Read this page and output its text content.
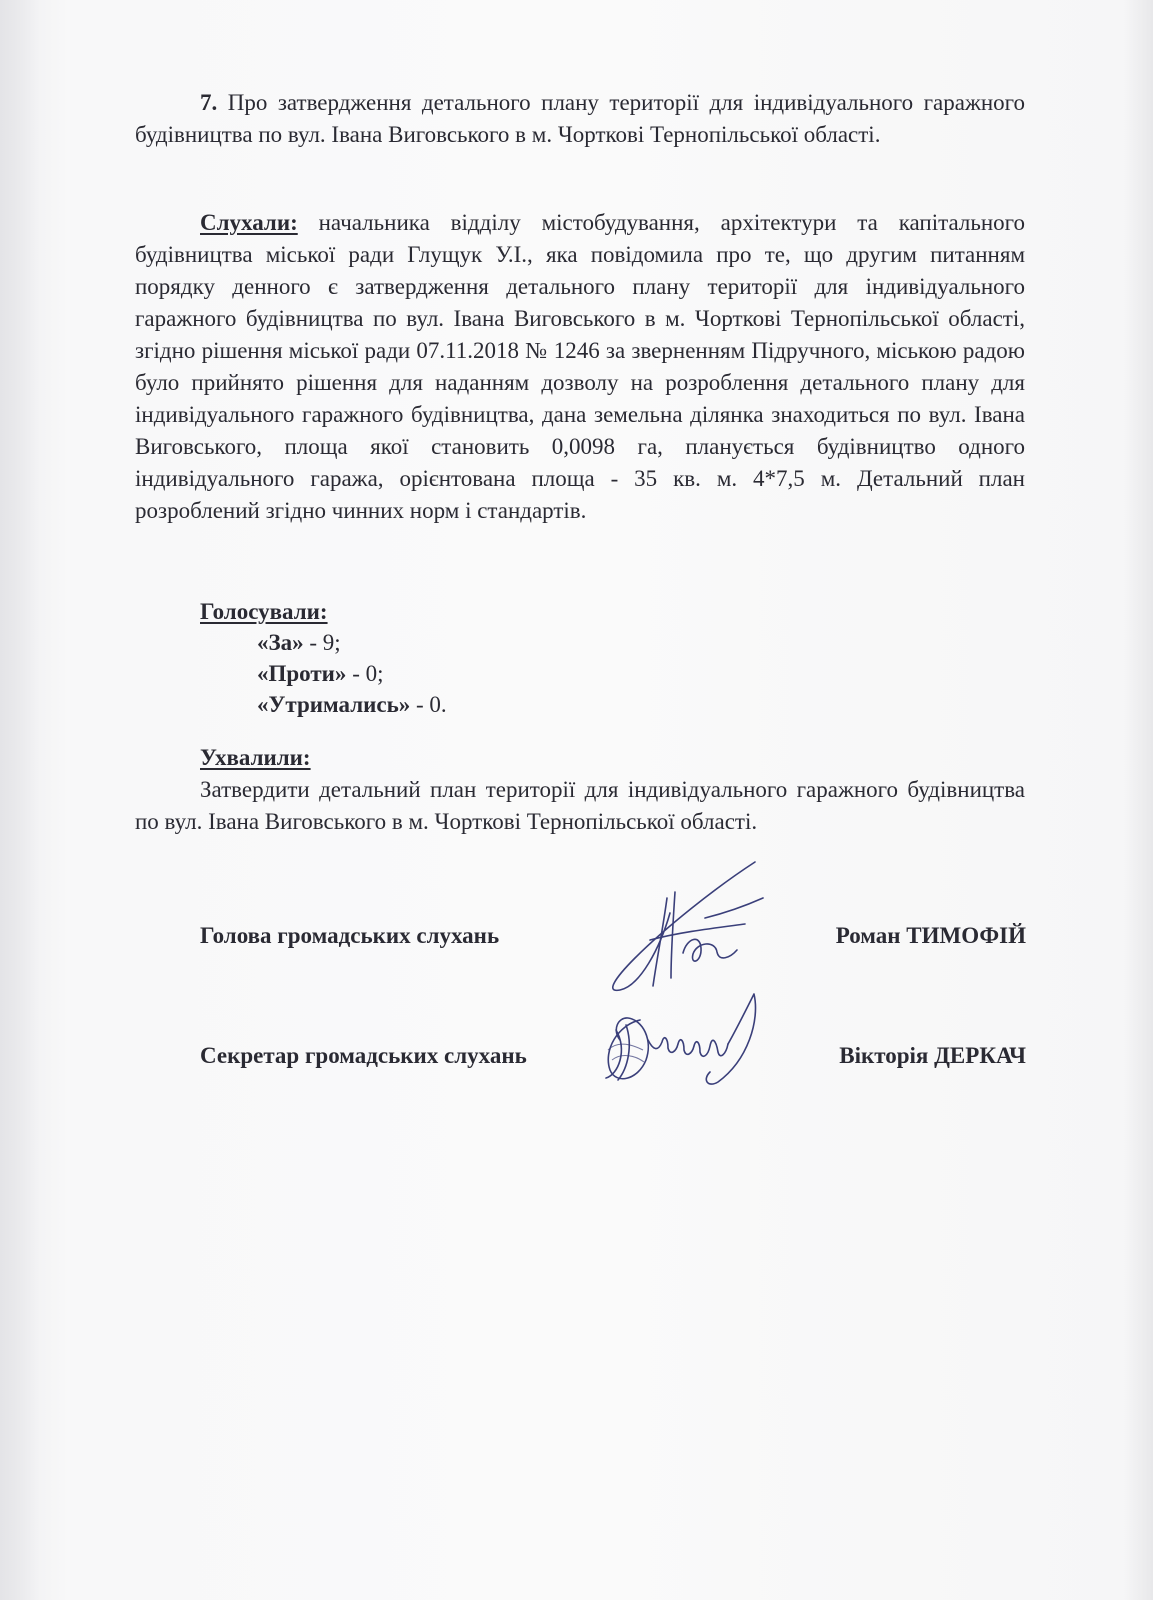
7. Про затвердження детального плану території для індивідуального гаражного будівництва по вул. Івана Виговського в м. Чорткові Тернопільської області.

Слухали: начальника відділу містобудування, архітектури та капітального будівництва міської ради Глущук У.І., яка повідомила про те, що другим питанням порядку денного є затвердження детального плану території для індивідуального гаражного будівництва по вул. Івана Виговського в м. Чорткові Тернопільської області, згідно рішення міської ради 07.11.2018 № 1246 за зверненням Підручного, міською радою було прийнято рішення для наданням дозволу на розроблення детального плану для індивідуального гаражного будівництва, дана земельна ділянка знаходиться по вул. Івана Виговського, площа якої становить 0,0098 га, планується будівництво одного індивідуального гаража, орієнтована площа - 35 кв. м. 4*7,5 м. Детальний план розроблений згідно чинних норм і стандартів.

Голосували:
«За» - 9;
«Проти» - 0;
«Утримались» - 0.
Ухвалили:

Затвердити детальний план території для індивідуального гаражного будівництва по вул. Івана Виговського в м. Чорткові Тернопільської області.

Голова громадських слухань	Роман ТИМОФІЙ
Секретар громадських слухань	Вікторія ДЕРКАЧ
